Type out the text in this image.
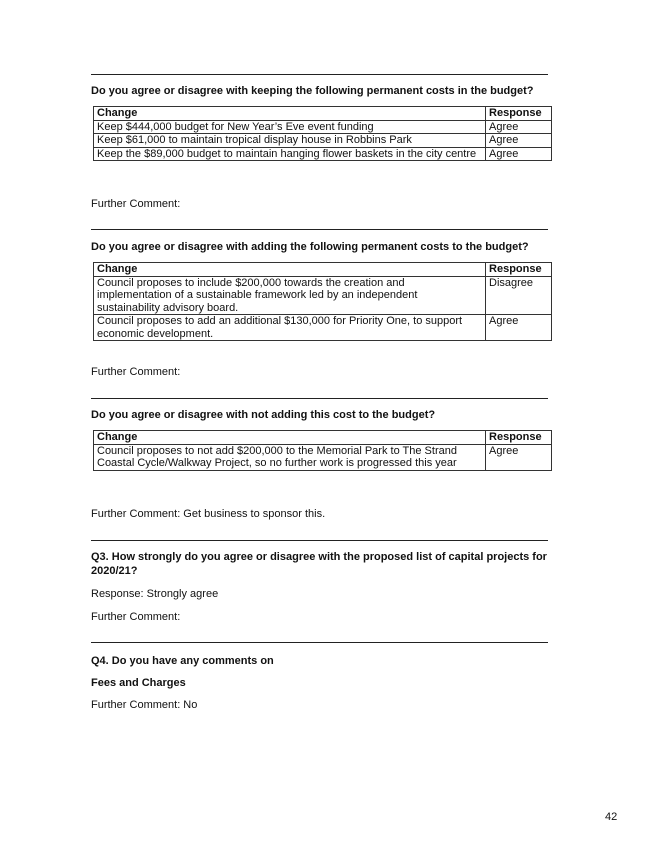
Do you agree or disagree with keeping the following permanent costs in the budget?
Change	Response
Keep $444,000 budget for New Year’s Eve event funding	Agree
Keep $61,000 to maintain tropical display house in Robbins Park	Agree
Keep the $89,000 budget to maintain hanging flower baskets in the city centre	Agree
Further Comment:
Do you agree or disagree with adding the following permanent costs to the budget?
Change	Response
Council proposes to include $200,000 towards the creation and implementation of a sustainable framework led by an independent sustainability advisory board.	Disagree
Council proposes to add an additional $130,000 for Priority One, to support economic development.	Agree
Further Comment:
Do you agree or disagree with not adding this cost to the budget?
Change	Response
Council proposes to not add $200,000 to the Memorial Park to The Strand Coastal Cycle/Walkway Project, so no further work is progressed this year	Agree
Further Comment: Get business to sponsor this.
Q3. How strongly do you agree or disagree with the proposed list of capital projects for 2020/21?
Response: Strongly agree
Further Comment:
Q4. Do you have any comments on
Fees and Charges
Further Comment: No
42
